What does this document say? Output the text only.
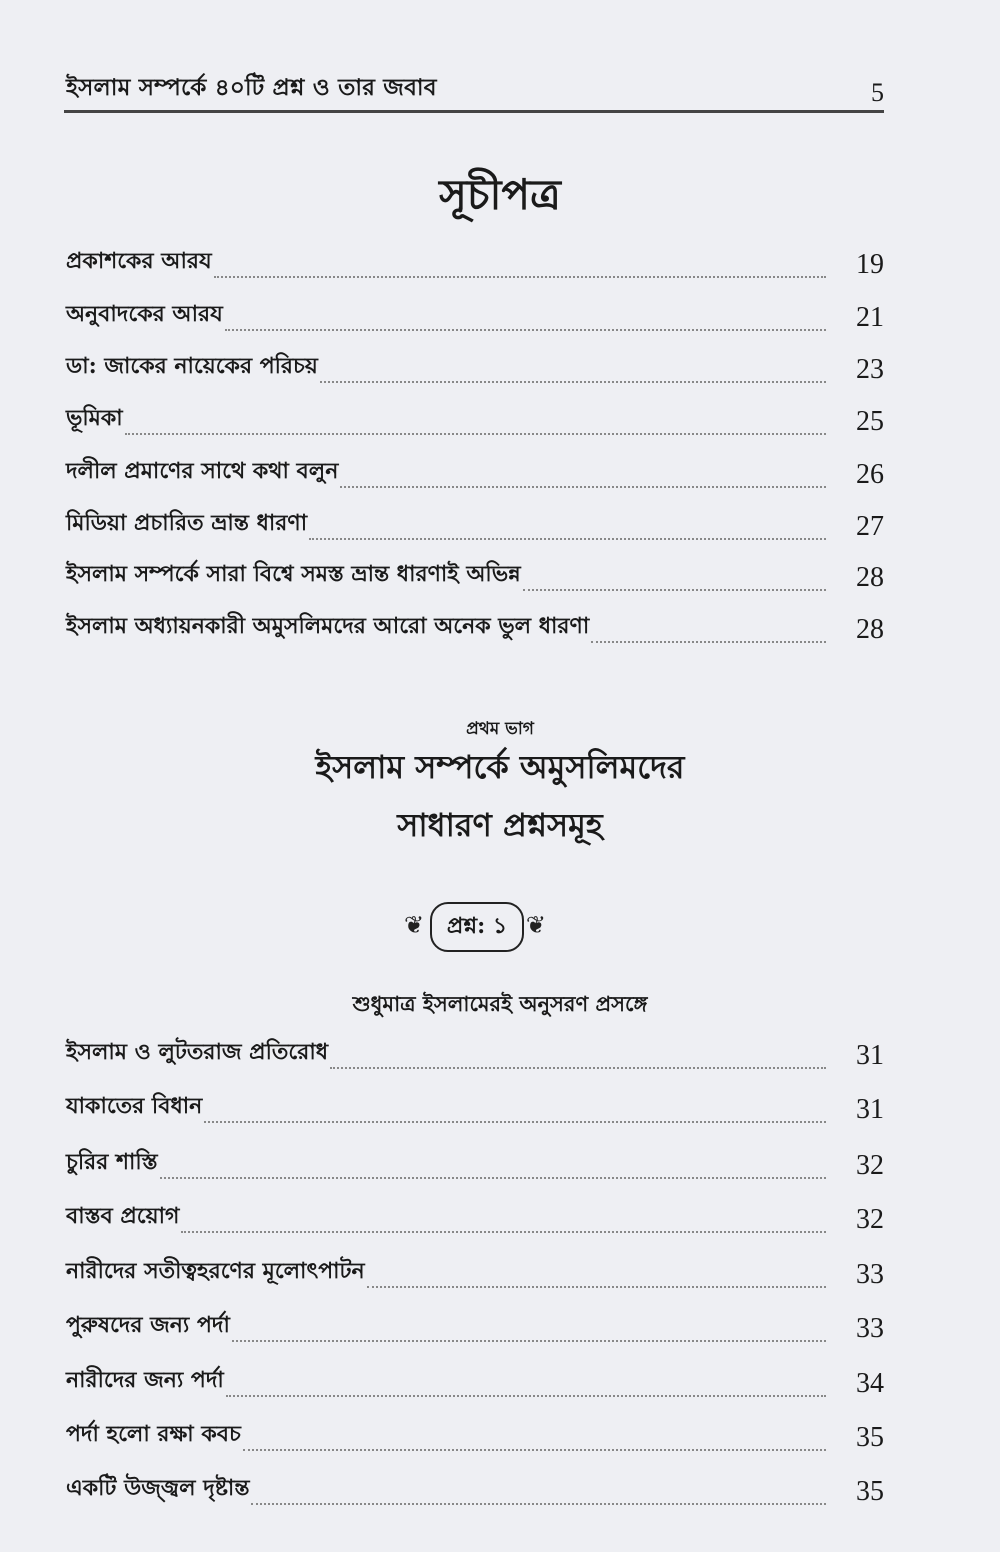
ইসলাম সম্পর্কে ৪০টি প্রশ্ন ও তার জবাব	5
সূচীপত্র
প্রকাশকের আরয	19
অনুবাদকের আরয	21
ডা: জাকের নায়েকের পরিচয়	23
ভূমিকা	25
দলীল প্রমাণের সাথে কথা বলুন	26
মিডিয়া প্রচারিত ভ্রান্ত ধারণা	27
ইসলাম সম্পর্কে সারা বিশ্বে সমস্ত ভ্রান্ত ধারণাই অভিন্ন	28
ইসলাম অধ্যায়নকারী অমুসলিমদের আরো অনেক ভুল ধারণা	28
প্রথম ভাগ
ইসলাম সম্পর্কে অমুসলিমদের
সাধারণ প্রশ্নসমূহ
❦	প্রশ্ন: ১ ❦
শুধুমাত্র ইসলামেরই অনুসরণ প্রসঙ্গে
ইসলাম ও লুটতরাজ প্রতিরোধ	31
যাকাতের বিধান	31
চুরির শাস্তি	32
বাস্তব প্রয়োগ	32
নারীদের সতীত্বহরণের মূলোৎপাটন	33
পুরুষদের জন্য পর্দা	33
নারীদের জন্য পর্দা	34
পর্দা হলো রক্ষা কবচ	35
একটি উজ্জ্বল দৃষ্টান্ত	35
